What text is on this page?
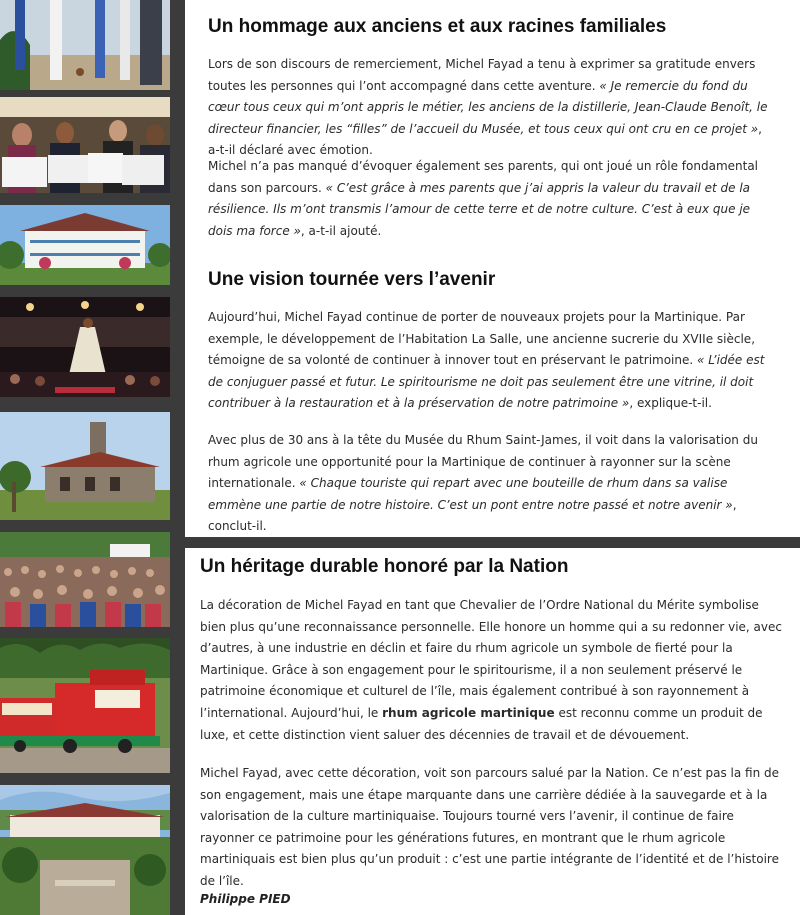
Un hommage aux anciens et aux racines familiales

Lors de son discours de remerciement, Michel Fayad a tenu à exprimer sa gratitude envers toutes les personnes qui l’ont accompagné dans cette aventure. « Je remercie du fond du cœur tous ceux qui m’ont appris le métier, les anciens de la distillerie, Jean-Claude Benoît, le directeur financier, les “filles” de l’accueil du Musée, et tous ceux qui ont cru en ce projet », a-t-il déclaré avec émotion.

Michel n’a pas manqué d’évoquer également ses parents, qui ont joué un rôle fondamental dans son parcours. « C’est grâce à mes parents que j’ai appris la valeur du travail et de la résilience. Ils m’ont transmis l’amour de cette terre et de notre culture. C’est à eux que je dois ma force », a-t-il ajouté.

Une vision tournée vers l’avenir

Aujourd’hui, Michel Fayad continue de porter de nouveaux projets pour la Martinique. Par exemple, le développement de l’Habitation La Salle, une ancienne sucrerie du XVIIe siècle, témoigne de sa volonté de continuer à innover tout en préservant le patrimoine. « L’idée est de conjuguer passé et futur. Le spiritourisme ne doit pas seulement être une vitrine, il doit contribuer à la restauration et à la préservation de notre patrimoine », explique-t-il.

Avec plus de 30 ans à la tête du Musée du Rhum Saint-James, il voit dans la valorisation du rhum agricole une opportunité pour la Martinique de continuer à rayonner sur la scène internationale. « Chaque touriste qui repart avec une bouteille de rhum dans sa valise emmène une partie de notre histoire. C’est un pont entre notre passé et notre avenir », conclut-il.

Un héritage durable honoré par la Nation

La décoration de Michel Fayad en tant que Chevalier de l’Ordre National du Mérite symbolise bien plus qu’une reconnaissance personnelle. Elle honore un homme qui a su redonner vie, avec d’autres, à une industrie en déclin et faire du rhum agricole un symbole de fierté pour la Martinique. Grâce à son engagement pour le spiritourisme, il a non seulement préservé le patrimoine économique et culturel de l’île, mais également contribué à son rayonnement à l’international. Aujourd’hui, le rhum agricole martinique est reconnu comme un produit de luxe, et cette distinction vient saluer des décennies de travail et de dévouement.

Michel Fayad, avec cette décoration, voit son parcours salué par la Nation. Ce n’est pas la fin de son engagement, mais une étape marquante dans une carrière dédiée à la sauvegarde et à la valorisation de la culture martiniquaise. Toujours tourné vers l’avenir, il continue de faire rayonner ce patrimoine pour les générations futures, en montrant que le rhum agricole martiniquais est bien plus qu’un produit : c’est une partie intégrante de l’identité et de l’histoire de l’île.

Philippe PIED
